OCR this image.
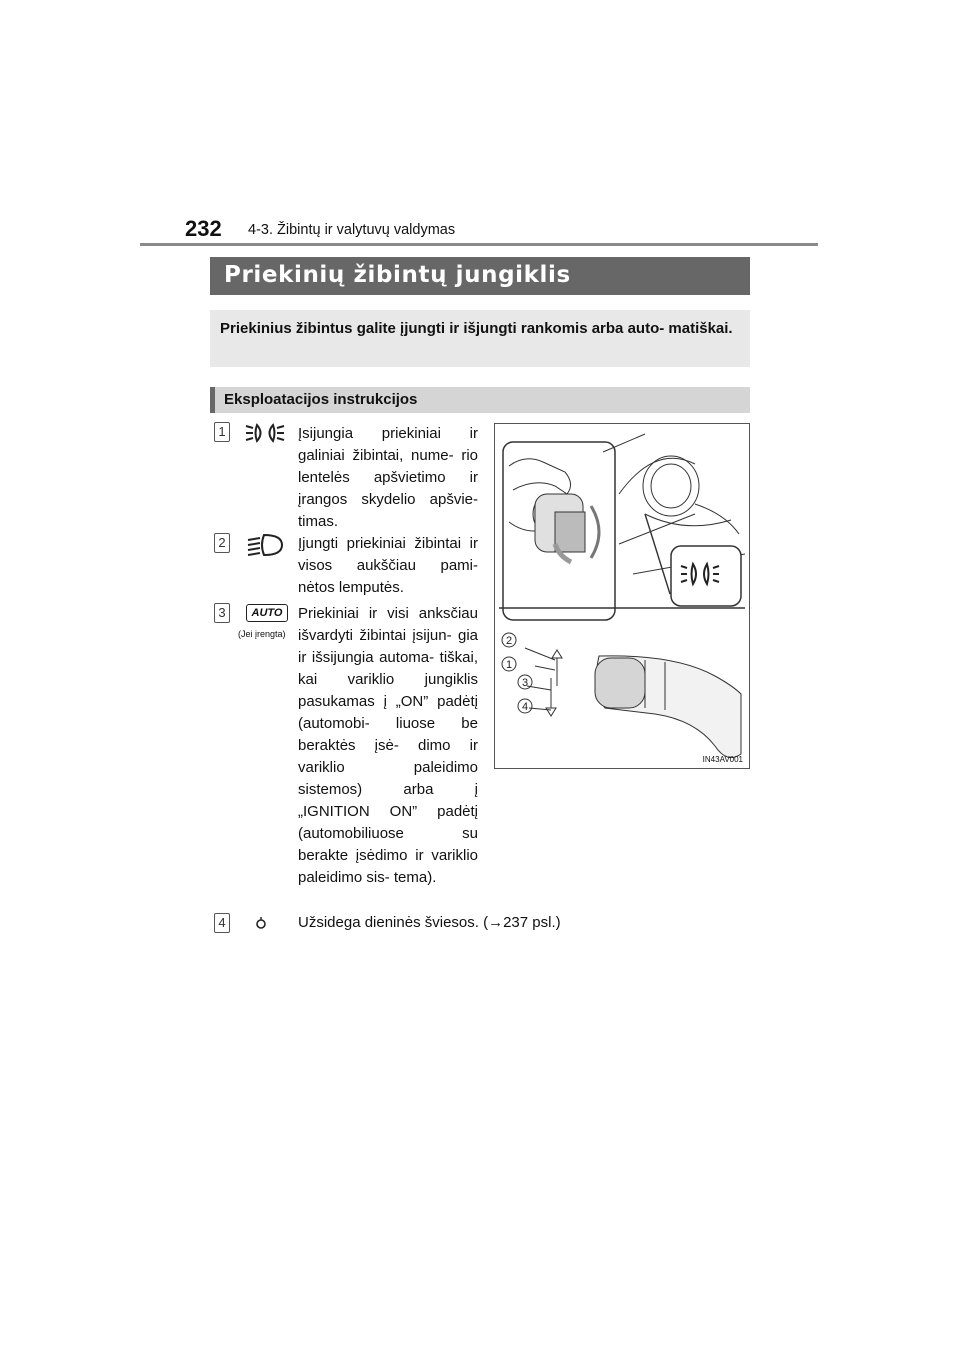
232 4-3. Žibintų ir valytuvų valdymas
Priekinių žibintų jungiklis
Priekinius žibintus galite įjungti ir išjungti rankomis arba auto- matiškai.
Eksploatacijos instrukcijos
1	Įsijungia priekiniai ir galiniai žibintai, nume- rio lentelės apšvietimo ir įrangos skydelio apšvie- timas.
2	Įjungti priekiniai žibintai ir visos aukščiau pami- nėtos lemputės.
3	AUTO
(Jei įrengta)
Priekiniai ir visi anksčiau išvardyti žibintai įsijun- gia ir išsijungia automa- tiškai, kai variklio jungiklis pasukamas į „ON” padėtį (automobi- liuose be beraktės įsė- dimo ir variklio paleidimo sistemos) arba į „IGNITION ON” padėtį (automobiliuose su berakte įsėdimo ir variklio paleidimo sis- tema).
4	Užsidega dieninės šviesos. (→237 psl.)
2
1
3
4
IN43AV001
